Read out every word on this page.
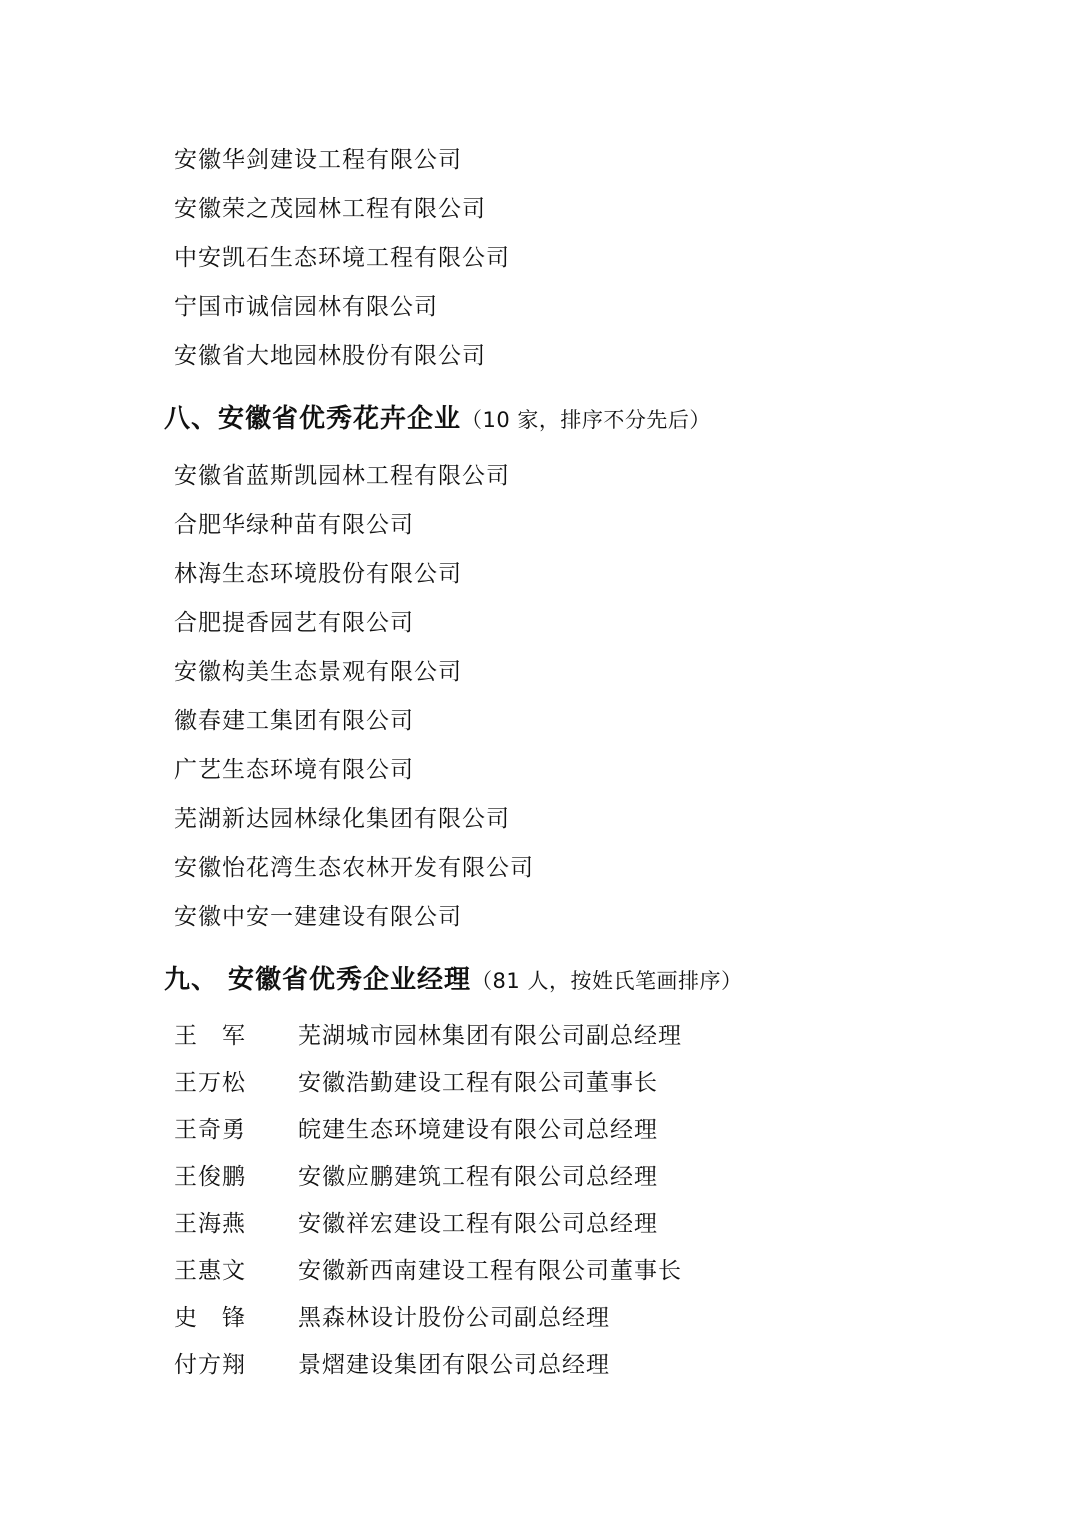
安徽华剑建设工程有限公司
安徽荣之茂园林工程有限公司
中安凯石生态环境工程有限公司
宁国市诚信园林有限公司
安徽省大地园林股份有限公司
八、安徽省优秀花卉企业（10 家，排序不分先后）
安徽省蓝斯凯园林工程有限公司
合肥华绿种苗有限公司
林海生态环境股份有限公司
合肥提香园艺有限公司
安徽构美生态景观有限公司
徽春建工集团有限公司
广艺生态环境有限公司
芜湖新达园林绿化集团有限公司
安徽怡花湾生态农林开发有限公司
安徽中安一建建设有限公司
九、 安徽省优秀企业经理（81 人，按姓氏笔画排序）
王　军	芜湖城市园林集团有限公司副总经理
王万松	安徽浩勤建设工程有限公司董事长
王奇勇	皖建生态环境建设有限公司总经理
王俊鹏	安徽应鹏建筑工程有限公司总经理
王海燕	安徽祥宏建设工程有限公司总经理
王惠文	安徽新西南建设工程有限公司董事长
史　锋	黑森林设计股份公司副总经理
付方翔	景熠建设集团有限公司总经理
